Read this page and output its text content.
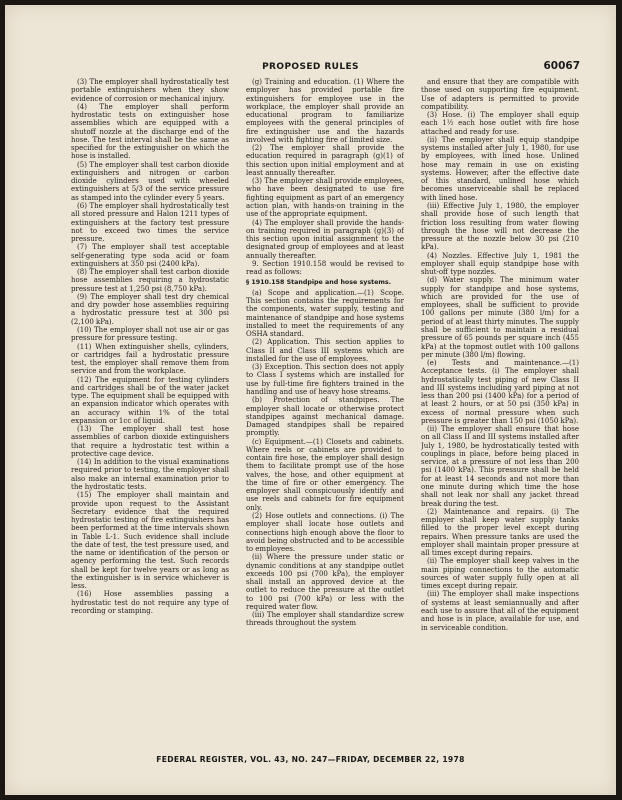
PROPOSED RULES	60067

(3) The employer shall hydrostatically test portable extinguishers when they show evidence of corrosion or mechanical injury.

(4) The employer shall perform hydrostatic tests on extinguisher hose assemblies which are equipped with a shutoff nozzle at the discharge end of the hose. The test interval shall be the same as specified for the extinguisher on which the hose is installed.

(5) The employer shall test carbon dioxide extinguishers and nitrogen or carbon dioxide cylinders used with wheeled extinguishers at 5/3 of the service pressure as stamped into the cylinder every 5 years.

(6) The employer shall hydrostatically test all stored pressure and Halon 1211 types of extinguishers at the factory test pressure not to exceed two times the service pressure.

(7) The employer shall test acceptable self-generating type soda acid or foam extinguishers at 350 psi (2400 kPa).

(8) The employer shall test carbon dioxide hose assemblies requiring a hydrostatic pressure test at 1,250 psi (8,750 kPa).

(9) The employer shall test dry chemical and dry powder hose assemblies requiring a hydrostatic pressure test at 300 psi (2,100 kPa).

(10) The employer shall not use air or gas pressure for pressure testing.

(11) When extinguisher shells, cylinders, or cartridges fail a hydrostatic pressure test, the employer shall remove them from service and from the workplace.

(12) The equipment for testing cylinders and cartridges shall be of the water jacket type. The equipment shall be equipped with an expansion indicator which operates with an accuracy within 1% of the total expansion or 1cc of liquid.

(13) The employer shall test hose assemblies of carbon dioxide extinguishers that require a hydrostatic test within a protective cage device.

(14) In addition to the visual examinations required prior to testing, the employer shall also make an internal examination prior to the hydrostatic tests.

(15) The employer shall maintain and provide upon request to the Assistant Secretary evidence that the required hydrostatic testing of fire extinguishers has been performed at the time intervals shown in Table L-1. Such evidence shall include the date of test, the test pressure used, and the name or identification of the person or agency performing the test. Such records shall be kept for twelve years or as long as the extinguisher is in service whichever is less.

(16) Hose assemblies passing a hydrostatic test do not require any type of recording or stamping.

(g) Training and education. (1) Where the employer has provided portable fire extinguishers for employee use in the workplace, the employer shall provide an educational program to familiarize employees with the general principles of fire extinguisher use and the hazards involved with fighting fire of limited size.

(2) The employer shall provide the education required in paragraph (g)(1) of this section upon initial employment and at least annually thereafter.

(3) The employer shall provide employees, who have been designated to use fire fighting equipment as part of an emergency action plan, with hands-on training in the use of the appropriate equipment.

(4) The employer shall provide the hands-on training required in paragraph (g)(3) of this section upon initial assignment to the designated group of employees and at least annually thereafter.

9. Section 1910.158 would be revised to read as follows:

§ 1910.158 Standpipe and hose systems.

(a) Scope and application.—(1) Scope. This section contains the requirements for the components, water supply, testing and maintenance of standpipe and hose systems installed to meet the requirements of any OSHA standard.

(2) Application. This section applies to Class II and Class III systems which are installed for the use of employees.

(3) Exception. This section does not apply to Class I systems which are installed for use by full-time fire fighters trained in the handling and use of heavy hose streams.

(b) Protection of standpipes. The employer shall locate or otherwise protect standpipes against mechanical damage. Damaged standpipes shall be repaired promptly.

(c) Equipment.—(1) Closets and cabinets. Where reels or cabinets are provided to contain fire hose, the employer shall design them to facilitate prompt use of the hose valves, the hose, and other equipment at the time of fire or other emergency. The employer shall conspicuously identify and use reels and cabinets for fire equipment only.

(2) Hose outlets and connections. (i) The employer shall locate hose outlets and connections high enough above the floor to avoid being obstructed and to be accessible to employees.

(ii) Where the pressure under static or dynamic conditions at any standpipe outlet exceeds 100 psi (700 kPa), the employer shall install an approved device at the outlet to reduce the pressure at the outlet to 100 psi (700 kPa) or less with the required water flow.

(iii) The employer shall standardize screw threads throughout the system

and ensure that they are compatible with those used on supporting fire equipment. Use of adapters is permitted to provide compatibility.

(3) Hose. (i) The employer shall equip each 1½ each hose outlet with fire hose attached and ready for use.

(ii) The employer shall equip standpipe systems installed after July 1, 1980, for use by employees, with lined hose. Unlined hose may remain in use on existing systems. However, after the effective date of this standard, unlined hose which becomes unserviceable shall be replaced with lined hose.

(iii) Effective July 1, 1980, the employer shall provide hose of such length that friction loss resulting from water flowing through the hose will not decrease the pressure at the nozzle below 30 psi (210 kPa).

(4) Nozzles. Effective July 1, 1981 the employer shall equip standpipe hose with shut-off type nozzles.

(d) Water supply. The minimum water supply for standpipe and hose systems, which are provided for the use of employees, shall be sufficient to provide 100 gallons per minute (380 l/m) for a period of at least thirty minutes. The supply shall be sufficient to maintain a residual pressure of 65 pounds per square inch (455 kPa) at the topmost outlet with 100 gallons per minute (380 l/m) flowing.

(e) Tests and maintenance.—(1) Acceptance tests. (i) The employer shall hydrostatically test piping of new Class II and III systems including yard piping at not less than 200 psi (1400 kPa) for a period of at least 2 hours, or at 50 psi (350 kPa) in excess of normal pressure when such pressure is greater than 150 psi (1050 kPa).

(ii) The employer shall ensure that hose on all Class II and III systems installed after July 1, 1980, be hydrostatically tested with couplings in place, before being placed in service, at a pressure of not less than 200 psi (1400 kPa). This pressure shall be held for at least 14 seconds and not more than one minute during which time the hose shall not leak nor shall any jacket thread break during the test.

(2) Maintenance and repairs. (i) The employer shall keep water supply tanks filled to the proper level except during repairs. When pressure tanks are used the employer shall maintain proper pressure at all times except during repairs.

(ii) The employer shall keep valves in the main piping connections to the automatic sources of water supply fully open at all times except during repair.

(iii) The employer shall make inspections of systems at least semiannually and after each use to assure that all of the equipment and hose is in place, available for use, and in serviceable condition.

FEDERAL REGISTER, VOL. 43, NO. 247—FRIDAY, DECEMBER 22, 1978
